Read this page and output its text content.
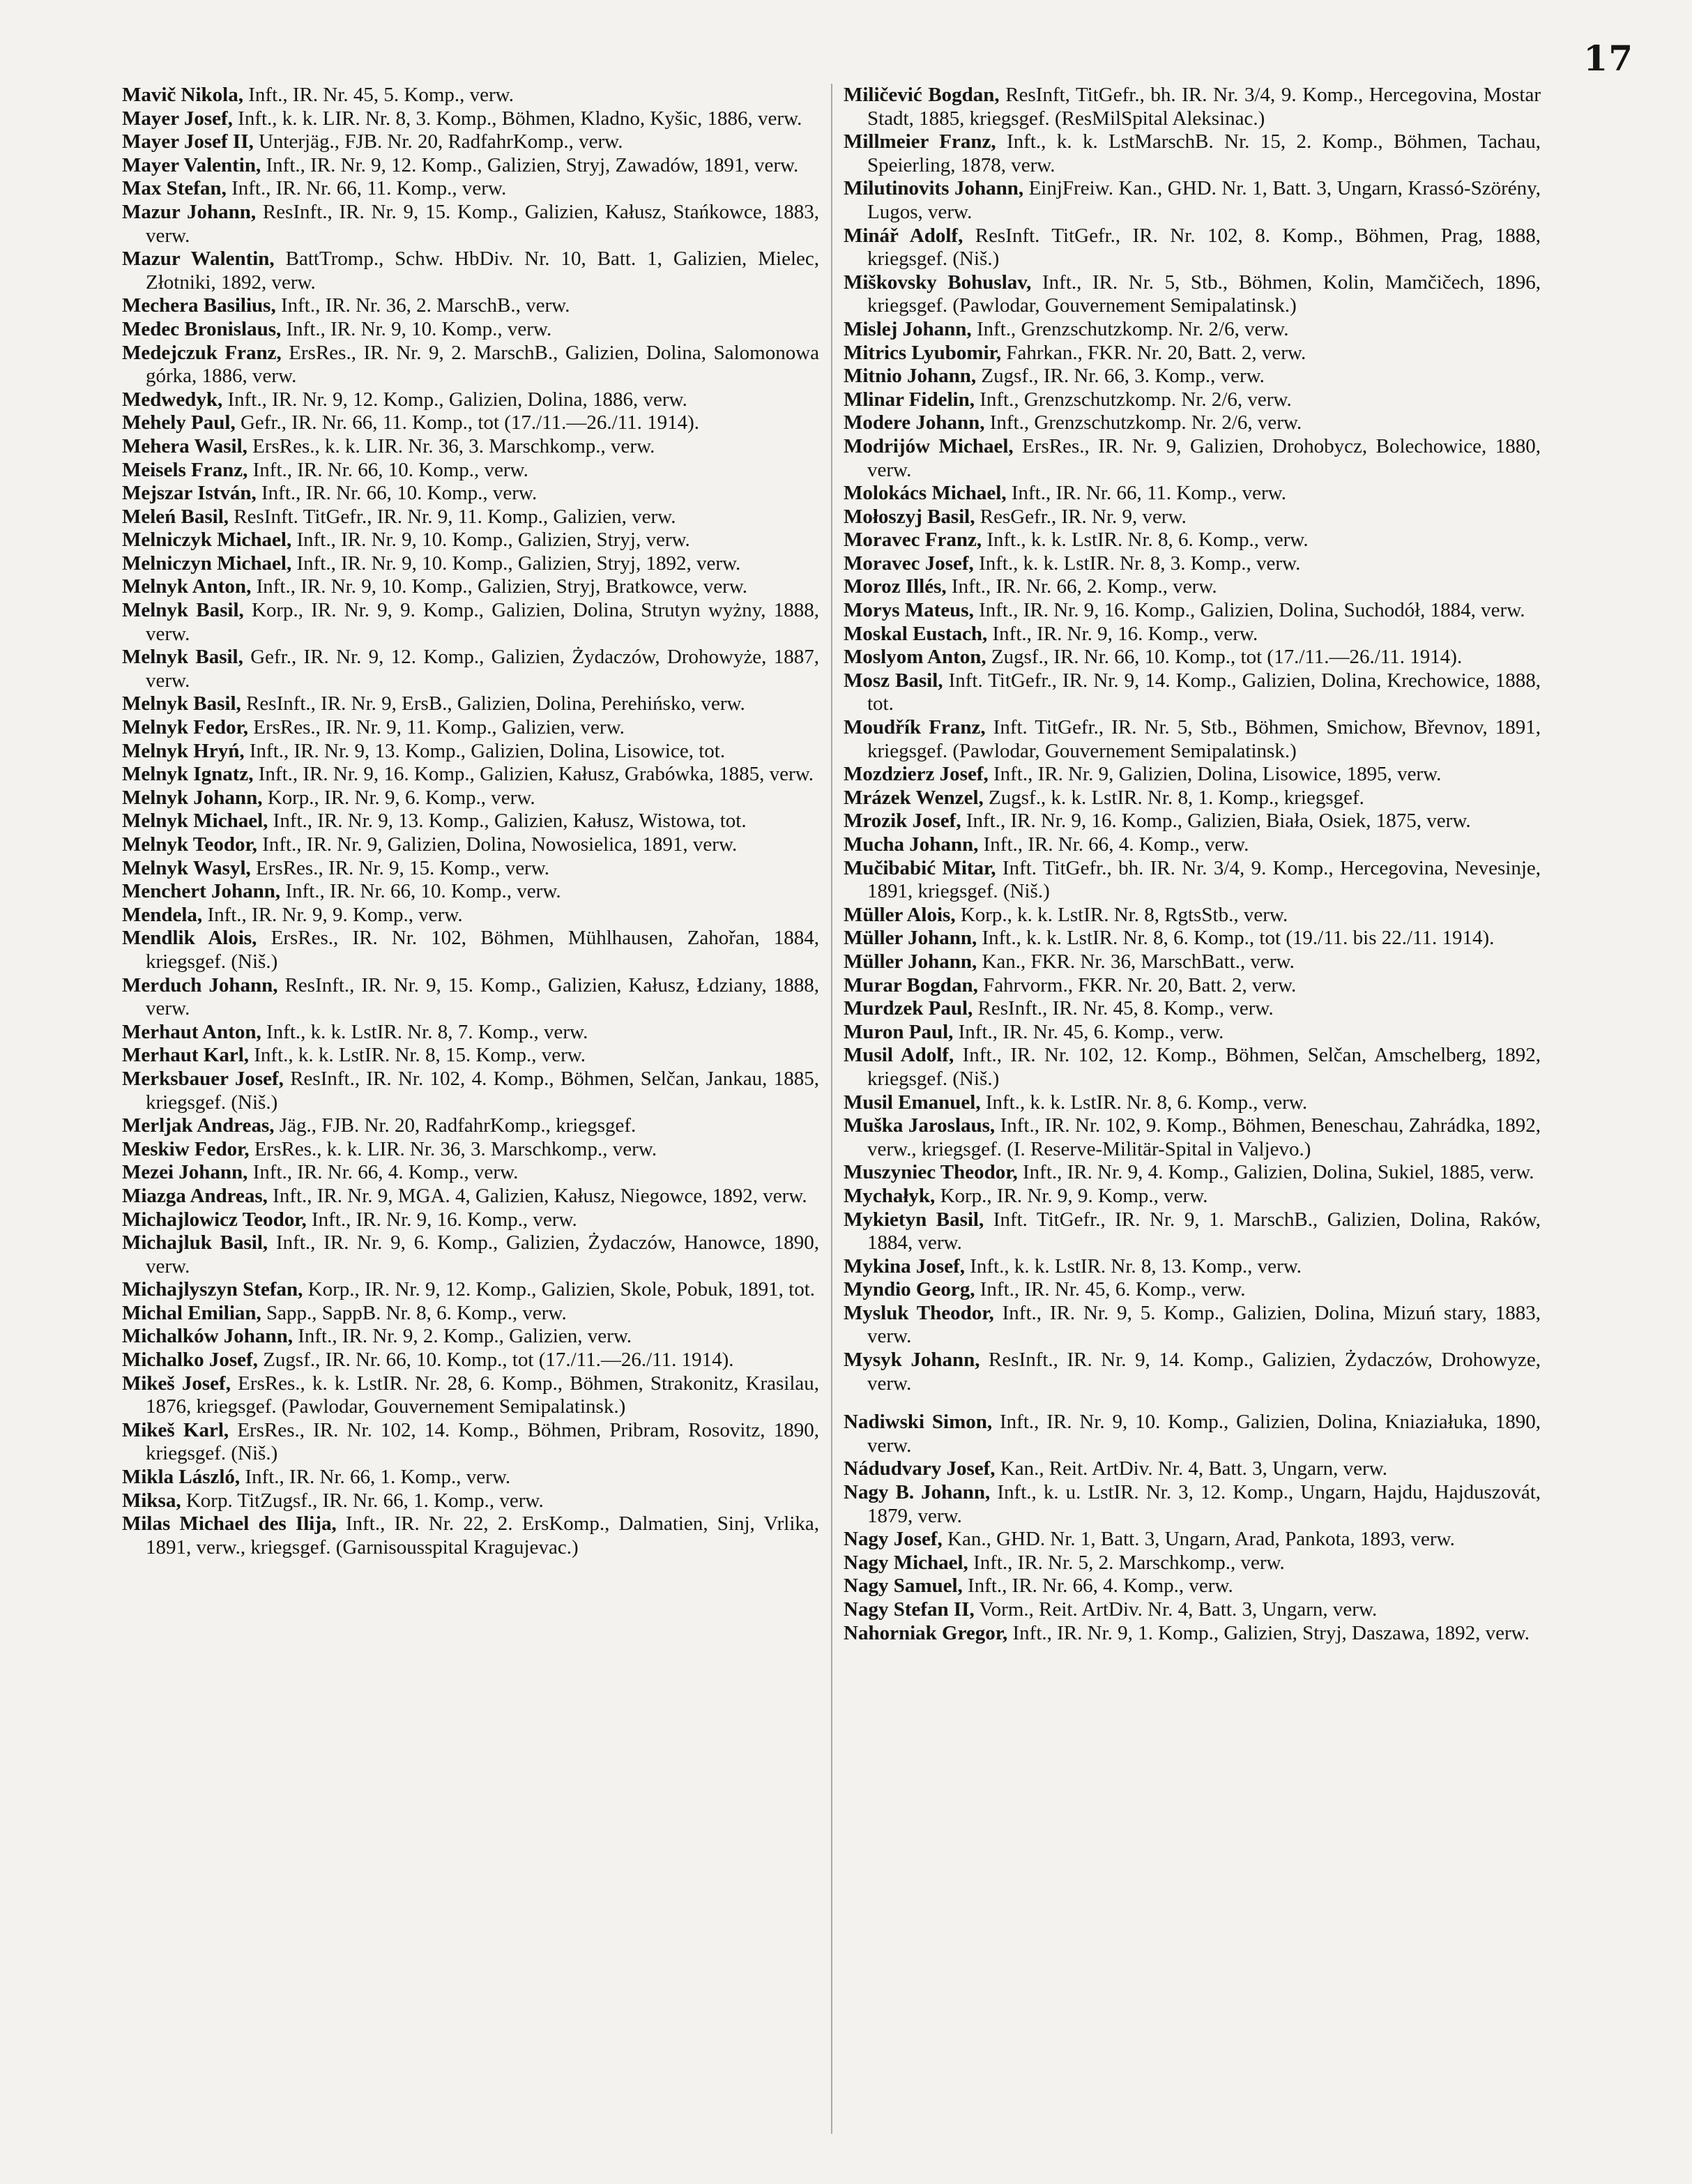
17

Mavič Nikola, Inft., IR. Nr. 45, 5. Komp., verw.

Mayer Josef, Inft., k. k. LIR. Nr. 8, 3. Komp., Böhmen, Kladno, Kyšic, 1886, verw.

Mayer Josef II, Unterjäg., FJB. Nr. 20, RadfahrKomp., verw.

Mayer Valentin, Inft., IR. Nr. 9, 12. Komp., Galizien, Stryj, Zawadów, 1891, verw.

Max Stefan, Inft., IR. Nr. 66, 11. Komp., verw.

Mazur Johann, ResInft., IR. Nr. 9, 15. Komp., Galizien, Kałusz, Stańkowce, 1883, verw.

Mazur Walentin, BattTromp., Schw. HbDiv. Nr. 10, Batt. 1, Galizien, Mielec, Złotniki, 1892, verw.

Mechera Basilius, Inft., IR. Nr. 36, 2. MarschB., verw.

Medec Bronislaus, Inft., IR. Nr. 9, 10. Komp., verw.

Medejczuk Franz, ErsRes., IR. Nr. 9, 2. MarschB., Galizien, Dolina, Salomonowa górka, 1886, verw.

Medwedyk, Inft., IR. Nr. 9, 12. Komp., Galizien, Dolina, 1886, verw.

Mehely Paul, Gefr., IR. Nr. 66, 11. Komp., tot (17./11.—26./11. 1914).

Mehera Wasil, ErsRes., k. k. LIR. Nr. 36, 3. Marschkomp., verw.

Meisels Franz, Inft., IR. Nr. 66, 10. Komp., verw.

Mejszar István, Inft., IR. Nr. 66, 10. Komp., verw.

Meleń Basil, ResInft. TitGefr., IR. Nr. 9, 11. Komp., Galizien, verw.

Melniczyk Michael, Inft., IR. Nr. 9, 10. Komp., Galizien, Stryj, verw.

Melniczyn Michael, Inft., IR. Nr. 9, 10. Komp., Galizien, Stryj, 1892, verw.

Melnyk Anton, Inft., IR. Nr. 9, 10. Komp., Galizien, Stryj, Bratkowce, verw.

Melnyk Basil, Korp., IR. Nr. 9, 9. Komp., Galizien, Dolina, Strutyn wyżny, 1888, verw.

Melnyk Basil, Gefr., IR. Nr. 9, 12. Komp., Galizien, Żydaczów, Drohowyże, 1887, verw.

Melnyk Basil, ResInft., IR. Nr. 9, ErsB., Galizien, Dolina, Perehińsko, verw.

Melnyk Fedor, ErsRes., IR. Nr. 9, 11. Komp., Galizien, verw.

Melnyk Hryń, Inft., IR. Nr. 9, 13. Komp., Galizien, Dolina, Lisowice, tot.

Melnyk Ignatz, Inft., IR. Nr. 9, 16. Komp., Galizien, Kałusz, Grabówka, 1885, verw.

Melnyk Johann, Korp., IR. Nr. 9, 6. Komp., verw.

Melnyk Michael, Inft., IR. Nr. 9, 13. Komp., Galizien, Kałusz, Wistowa, tot.

Melnyk Teodor, Inft., IR. Nr. 9, Galizien, Dolina, Nowosielica, 1891, verw.

Melnyk Wasyl, ErsRes., IR. Nr. 9, 15. Komp., verw.

Menchert Johann, Inft., IR. Nr. 66, 10. Komp., verw.

Mendela, Inft., IR. Nr. 9, 9. Komp., verw.

Mendlik Alois, ErsRes., IR. Nr. 102, Böhmen, Mühlhausen, Zahořan, 1884, kriegsgef. (Niš.)

Merduch Johann, ResInft., IR. Nr. 9, 15. Komp., Galizien, Kałusz, Łdziany, 1888, verw.

Merhaut Anton, Inft., k. k. LstIR. Nr. 8, 7. Komp., verw.

Merhaut Karl, Inft., k. k. LstIR. Nr. 8, 15. Komp., verw.

Merksbauer Josef, ResInft., IR. Nr. 102, 4. Komp., Böhmen, Selčan, Jankau, 1885, kriegsgef. (Niš.)

Merljak Andreas, Jäg., FJB. Nr. 20, RadfahrKomp., kriegsgef.

Meskiw Fedor, ErsRes., k. k. LIR. Nr. 36, 3. Marschkomp., verw.

Mezei Johann, Inft., IR. Nr. 66, 4. Komp., verw.

Miazga Andreas, Inft., IR. Nr. 9, MGA. 4, Galizien, Kałusz, Niegowce, 1892, verw.

Michajlowicz Teodor, Inft., IR. Nr. 9, 16. Komp., verw.

Michajluk Basil, Inft., IR. Nr. 9, 6. Komp., Galizien, Żydaczów, Hanowce, 1890, verw.

Michajlyszyn Stefan, Korp., IR. Nr. 9, 12. Komp., Galizien, Skole, Pobuk, 1891, tot.

Michal Emilian, Sapp., SappB. Nr. 8, 6. Komp., verw.

Michalków Johann, Inft., IR. Nr. 9, 2. Komp., Galizien, verw.

Michalko Josef, Zugsf., IR. Nr. 66, 10. Komp., tot (17./11.—26./11. 1914).

Mikeš Josef, ErsRes., k. k. LstIR. Nr. 28, 6. Komp., Böhmen, Strakonitz, Krasilau, 1876, kriegsgef. (Pawlodar, Gouvernement Semipalatinsk.)

Mikeš Karl, ErsRes., IR. Nr. 102, 14. Komp., Böhmen, Pribram, Rosovitz, 1890, kriegsgef. (Niš.)

Mikla László, Inft., IR. Nr. 66, 1. Komp., verw.

Miksa, Korp. TitZugsf., IR. Nr. 66, 1. Komp., verw.

Milas Michael des Ilija, Inft., IR. Nr. 22, 2. ErsKomp., Dalmatien, Sinj, Vrlika, 1891, verw., kriegsgef. (Garnisousspital Kragujevac.)

Miličević Bogdan, ResInft, TitGefr., bh. IR. Nr. 3/4, 9. Komp., Hercegovina, Mostar Stadt, 1885, kriegsgef. (ResMilSpital Aleksinac.)

Millmeier Franz, Inft., k. k. LstMarschB. Nr. 15, 2. Komp., Böhmen, Tachau, Speierling, 1878, verw.

Milutinovits Johann, EinjFreiw. Kan., GHD. Nr. 1, Batt. 3, Ungarn, Krassó-Szörény, Lugos, verw.

Minář Adolf, ResInft. TitGefr., IR. Nr. 102, 8. Komp., Böhmen, Prag, 1888, kriegsgef. (Niš.)

Miškovsky Bohuslav, Inft., IR. Nr. 5, Stb., Böhmen, Kolin, Mamčičech, 1896, kriegsgef. (Pawlodar, Gouvernement Semipalatinsk.)

Mislej Johann, Inft., Grenzschutzkomp. Nr. 2/6, verw.

Mitrics Lyubomir, Fahrkan., FKR. Nr. 20, Batt. 2, verw.

Mitnio Johann, Zugsf., IR. Nr. 66, 3. Komp., verw.

Mlinar Fidelin, Inft., Grenzschutzkomp. Nr. 2/6, verw.

Modere Johann, Inft., Grenzschutzkomp. Nr. 2/6, verw.

Modrijów Michael, ErsRes., IR. Nr. 9, Galizien, Drohobycz, Bolechowice, 1880, verw.

Molokács Michael, Inft., IR. Nr. 66, 11. Komp., verw.

Mołoszyj Basil, ResGefr., IR. Nr. 9, verw.

Moravec Franz, Inft., k. k. LstIR. Nr. 8, 6. Komp., verw.

Moravec Josef, Inft., k. k. LstIR. Nr. 8, 3. Komp., verw.

Moroz Illés, Inft., IR. Nr. 66, 2. Komp., verw.

Morys Mateus, Inft., IR. Nr. 9, 16. Komp., Galizien, Dolina, Suchodół, 1884, verw.

Moskal Eustach, Inft., IR. Nr. 9, 16. Komp., verw.

Moslyom Anton, Zugsf., IR. Nr. 66, 10. Komp., tot (17./11.—26./11. 1914).

Mosz Basil, Inft. TitGefr., IR. Nr. 9, 14. Komp., Galizien, Dolina, Krechowice, 1888, tot.

Moudřík Franz, Inft. TitGefr., IR. Nr. 5, Stb., Böhmen, Smichow, Břevnov, 1891, kriegsgef. (Pawlodar, Gouvernement Semipalatinsk.)

Mozdzierz Josef, Inft., IR. Nr. 9, Galizien, Dolina, Lisowice, 1895, verw.

Mrázek Wenzel, Zugsf., k. k. LstIR. Nr. 8, 1. Komp., kriegsgef.

Mrozik Josef, Inft., IR. Nr. 9, 16. Komp., Galizien, Biała, Osiek, 1875, verw.

Mucha Johann, Inft., IR. Nr. 66, 4. Komp., verw.

Mučibabić Mitar, Inft. TitGefr., bh. IR. Nr. 3/4, 9. Komp., Hercegovina, Nevesinje, 1891, kriegsgef. (Niš.)

Müller Alois, Korp., k. k. LstIR. Nr. 8, RgtsStb., verw.

Müller Johann, Inft., k. k. LstIR. Nr. 8, 6. Komp., tot (19./11. bis 22./11. 1914).

Müller Johann, Kan., FKR. Nr. 36, MarschBatt., verw.

Murar Bogdan, Fahrvorm., FKR. Nr. 20, Batt. 2, verw.

Murdzek Paul, ResInft., IR. Nr. 45, 8. Komp., verw.

Muron Paul, Inft., IR. Nr. 45, 6. Komp., verw.

Musil Adolf, Inft., IR. Nr. 102, 12. Komp., Böhmen, Selčan, Amschelberg, 1892, kriegsgef. (Niš.)

Musil Emanuel, Inft., k. k. LstIR. Nr. 8, 6. Komp., verw.

Muška Jaroslaus, Inft., IR. Nr. 102, 9. Komp., Böhmen, Beneschau, Zahrádka, 1892, verw., kriegsgef. (I. Reserve-Militär-Spital in Valjevo.)

Muszyniec Theodor, Inft., IR. Nr. 9, 4. Komp., Galizien, Dolina, Sukiel, 1885, verw.

Mychałyk, Korp., IR. Nr. 9, 9. Komp., verw.

Mykietyn Basil, Inft. TitGefr., IR. Nr. 9, 1. MarschB., Galizien, Dolina, Raków, 1884, verw.

Mykina Josef, Inft., k. k. LstIR. Nr. 8, 13. Komp., verw.

Myndio Georg, Inft., IR. Nr. 45, 6. Komp., verw.

Mysluk Theodor, Inft., IR. Nr. 9, 5. Komp., Galizien, Dolina, Mizuń stary, 1883, verw.

Mysyk Johann, ResInft., IR. Nr. 9, 14. Komp., Galizien, Żydaczów, Drohowyze, verw.

Nadiwski Simon, Inft., IR. Nr. 9, 10. Komp., Galizien, Dolina, Kniaziałuka, 1890, verw.

Nádudvary Josef, Kan., Reit. ArtDiv. Nr. 4, Batt. 3, Ungarn, verw.

Nagy B. Johann, Inft., k. u. LstIR. Nr. 3, 12. Komp., Ungarn, Hajdu, Hajduszovát, 1879, verw.

Nagy Josef, Kan., GHD. Nr. 1, Batt. 3, Ungarn, Arad, Pankota, 1893, verw.

Nagy Michael, Inft., IR. Nr. 5, 2. Marschkomp., verw.

Nagy Samuel, Inft., IR. Nr. 66, 4. Komp., verw.

Nagy Stefan II, Vorm., Reit. ArtDiv. Nr. 4, Batt. 3, Ungarn, verw.

Nahorniak Gregor, Inft., IR. Nr. 9, 1. Komp., Galizien, Stryj, Daszawa, 1892, verw.
